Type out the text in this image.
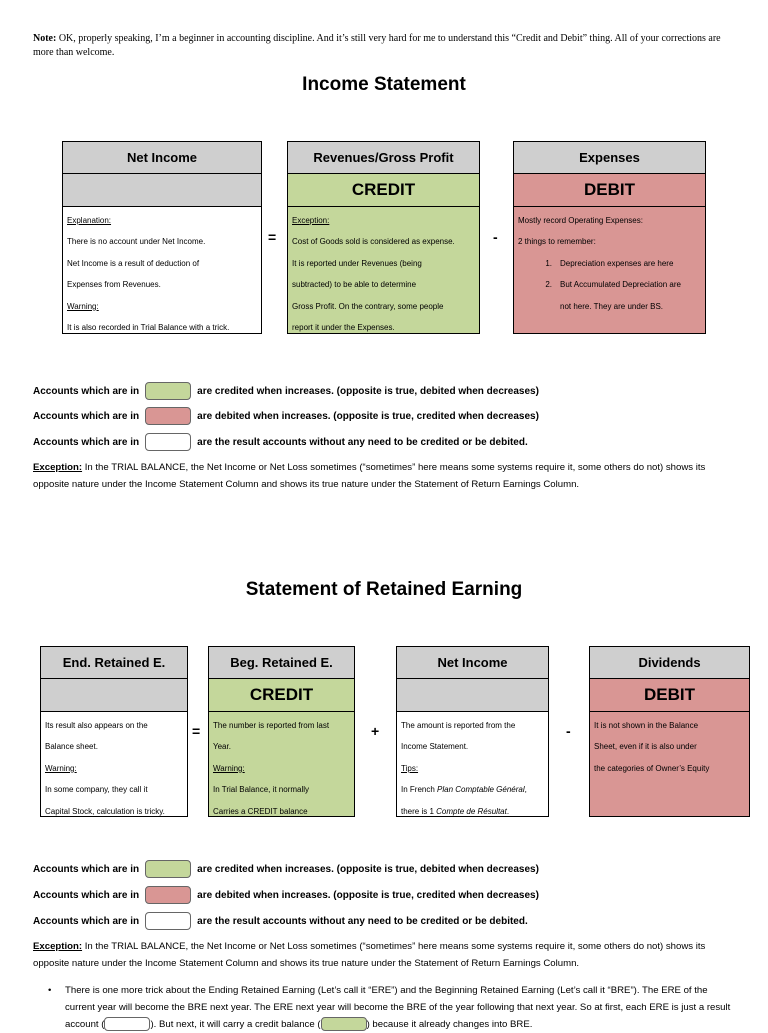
Note: OK, properly speaking, I’m a beginner in accounting discipline. And it’s still very hard for me to understand this “Credit and Debit” thing. All of your corrections are more than welcome.
Income Statement
Net Income
Explanation:
There is no account under Net Income.
Net Income is a result of deduction of
Expenses from Revenues.
Warning:
It is also recorded in Trial Balance with a trick.
=
Revenues/Gross Profit
CREDIT
Exception:
Cost of Goods sold is considered as expense.
It is reported under Revenues (being
subtracted) to be able to determine
Gross Profit. On the contrary, some people
report it under the Expenses.
-
Expenses
DEBIT
Mostly record Operating Expenses:
2 things to remember:
1. Depreciation expenses are here
2. But Accumulated Depreciation are
not here. They are under BS.
Accounts which are in	are credited when increases. (opposite is true, debited when decreases)
Accounts which are in	are debited when increases. (opposite is true, credited when decreases)
Accounts which are in	are the result accounts without any need to be credited or be debited.
Exception: In the TRIAL BALANCE, the Net Income or Net Loss sometimes (“sometimes” here means some systems require it, some others do not) shows its opposite nature under the Income Statement Column and shows its true nature under the Statement of Return Earnings Column.
Statement of Retained Earning
End. Retained E.
Its result also appears on the
Balance sheet.
Warning:
In some company, they call it
Capital Stock, calculation is tricky.
=
Beg. Retained E.
CREDIT
The number is reported from last
Year.
Warning:
In Trial Balance, it normally
Carries a CREDIT balance
+
Net Income
The amount is reported from the
Income Statement.
Tips:
In French Plan Comptable Général,
there is 1 Compte de Résultat.
-
Dividends
DEBIT
It is not shown in the Balance
Sheet, even if it is also under
the categories of Owner’s Equity
Accounts which are in	are credited when increases. (opposite is true, debited when decreases)
Accounts which are in	are debited when increases. (opposite is true, credited when decreases)
Accounts which are in	are the result accounts without any need to be credited or be debited.
Exception: In the TRIAL BALANCE, the Net Income or Net Loss sometimes (“sometimes” here means some systems require it, some others do not) shows its opposite nature under the Income Statement Column and shows its true nature under the Statement of Return Earnings Column.
• There is one more trick about the Ending Retained Earning (Let’s call it “ERE”) and the Beginning Retained Earning (Let’s call it “BRE”). The ERE of the current year will become the BRE next year. The ERE next year will become the BRE of the year following that next year. So at first, each ERE is just a result account (	). But next, it will carry a credit balance (	) because it already changes into BRE.
